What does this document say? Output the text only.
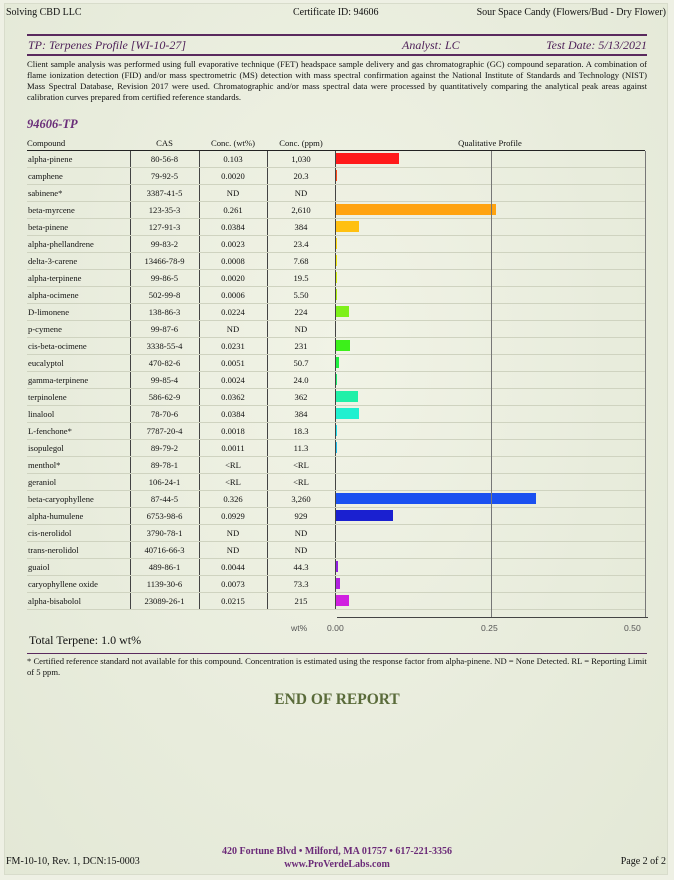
Solving CBD LLC	Certificate ID: 94606	Sour Space Candy (Flowers/Bud - Dry Flower)
TP: Terpenes Profile [WI-10-27]	Analyst: LC	Test Date: 5/13/2021
Client sample analysis was performed using full evaporative technique (FET) headspace sample delivery and gas chromatographic (GC) compound separation. A combination of flame ionization detection (FID) and/or mass spectrometric (MS) detection with mass spectral confirmation against the National Institute of Standards and Technology (NIST) Mass Spectral Database, Revision 2017 were used. Chromatographic and/or mass spectral data were processed by quantitatively comparing the analytical peak areas against calibration curves prepared from certified reference standards.
94606-TP
Compound	CAS	Conc. (wt%)	Conc. (ppm)	Qualitative Profile
alpha-pinene	80-56-8	0.103	1,030	

camphene	79-92-5	0.0020	20.3	

sabinene*	3387-41-5	ND	ND	

beta-myrcene	123-35-3	0.261	2,610	

beta-pinene	127-91-3	0.0384	384	

alpha-phellandrene	99-83-2	0.0023	23.4	

delta-3-carene	13466-78-9	0.0008	7.68	

alpha-terpinene	99-86-5	0.0020	19.5	

alpha-ocimene	502-99-8	0.0006	5.50	

D-limonene	138-86-3	0.0224	224	

p-cymene	99-87-6	ND	ND	

cis-beta-ocimene	3338-55-4	0.0231	231	

eucalyptol	470-82-6	0.0051	50.7	

gamma-terpinene	99-85-4	0.0024	24.0	

terpinolene	586-62-9	0.0362	362	

linalool	78-70-6	0.0384	384	

L-fenchone*	7787-20-4	0.0018	18.3	

isopulegol	89-79-2	0.0011	11.3	

menthol*	89-78-1	<RL	<RL	

geraniol	106-24-1	<RL	<RL	

beta-caryophyllene	87-44-5	0.326	3,260	

alpha-humulene	6753-98-6	0.0929	929	

cis-nerolidol	3790-78-1	ND	ND	

trans-nerolidol	40716-66-3	ND	ND	

guaiol	489-86-1	0.0044	44.3	

caryophyllene oxide	1139-30-6	0.0073	73.3	

alpha-bisabolol	23089-26-1	0.0215	215	
wt% 0.00	0.25	0.50
Total Terpene: 1.0 wt%
* Certified reference standard not available for this compound. Concentration is estimated using the response factor from alpha-pinene. ND = None Detected. RL = Reporting Limit of 5 ppm.
END OF REPORT
420 Fortune Blvd • Milford, MA 01757 • 617-221-3356
www.ProVerdeLabs.com
FM-10-10, Rev. 1, DCN:15-0003	Page 2 of 2
